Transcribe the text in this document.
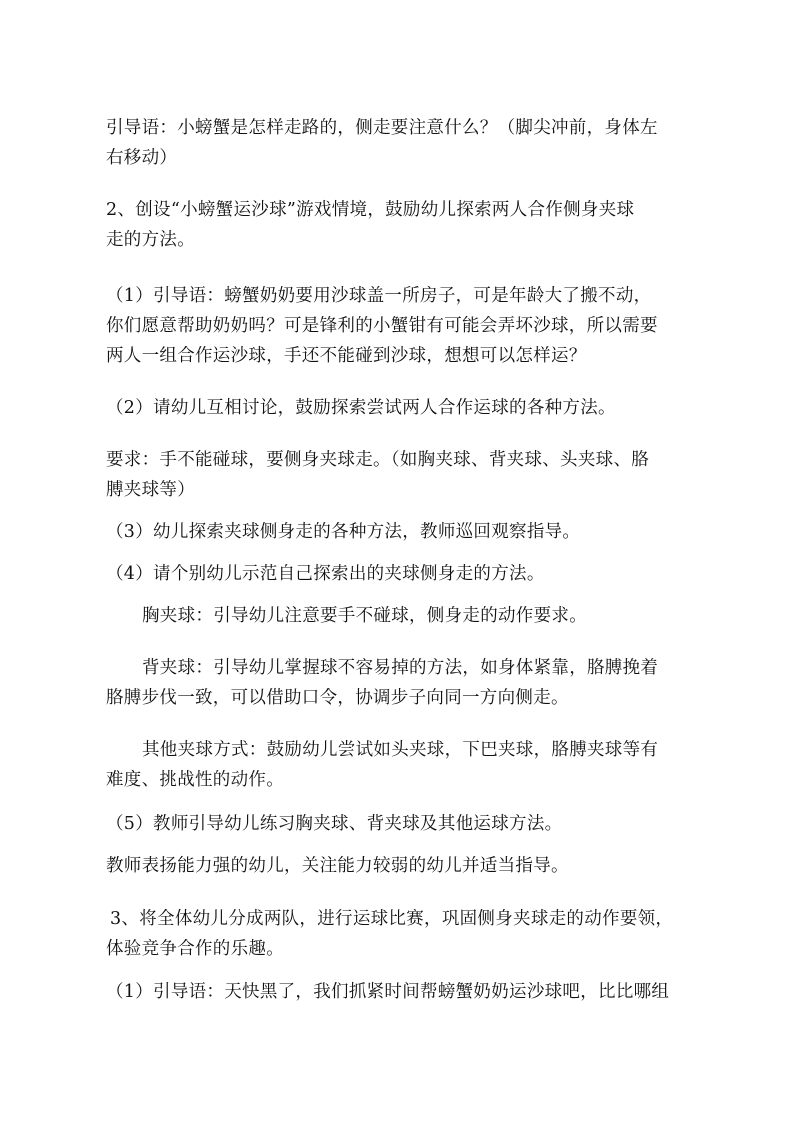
引导语：小螃蟹是怎样走路的，侧走要注意什么？（脚尖冲前，身体左
右移动）
2、创设“小螃蟹运沙球”游戏情境，鼓励幼儿探索两人合作侧身夹球
走的方法。
（1）引导语：螃蟹奶奶要用沙球盖一所房子，可是年龄大了搬不动，
你们愿意帮助奶奶吗？可是锋利的小蟹钳有可能会弄坏沙球，所以需要
两人一组合作运沙球，手还不能碰到沙球，想想可以怎样运？
（2）请幼儿互相讨论，鼓励探索尝试两人合作运球的各种方法。
要求：手不能碰球，要侧身夹球走。（如胸夹球、背夹球、头夹球、胳
膊夹球等）
（3）幼儿探索夹球侧身走的各种方法，教师巡回观察指导。
（4）请个别幼儿示范自己探索出的夹球侧身走的方法。
胸夹球：引导幼儿注意要手不碰球，侧身走的动作要求。
背夹球：引导幼儿掌握球不容易掉的方法，如身体紧靠，胳膊挽着
胳膊步伐一致，可以借助口令，协调步子向同一方向侧走。
其他夹球方式：鼓励幼儿尝试如头夹球，下巴夹球，胳膊夹球等有
难度、挑战性的动作。
（5）教师引导幼儿练习胸夹球、背夹球及其他运球方法。
教师表扬能力强的幼儿，关注能力较弱的幼儿并适当指导。
3、将全体幼儿分成两队，进行运球比赛，巩固侧身夹球走的动作要领，
体验竞争合作的乐趣。
（1）引导语：天快黑了，我们抓紧时间帮螃蟹奶奶运沙球吧，比比哪组
